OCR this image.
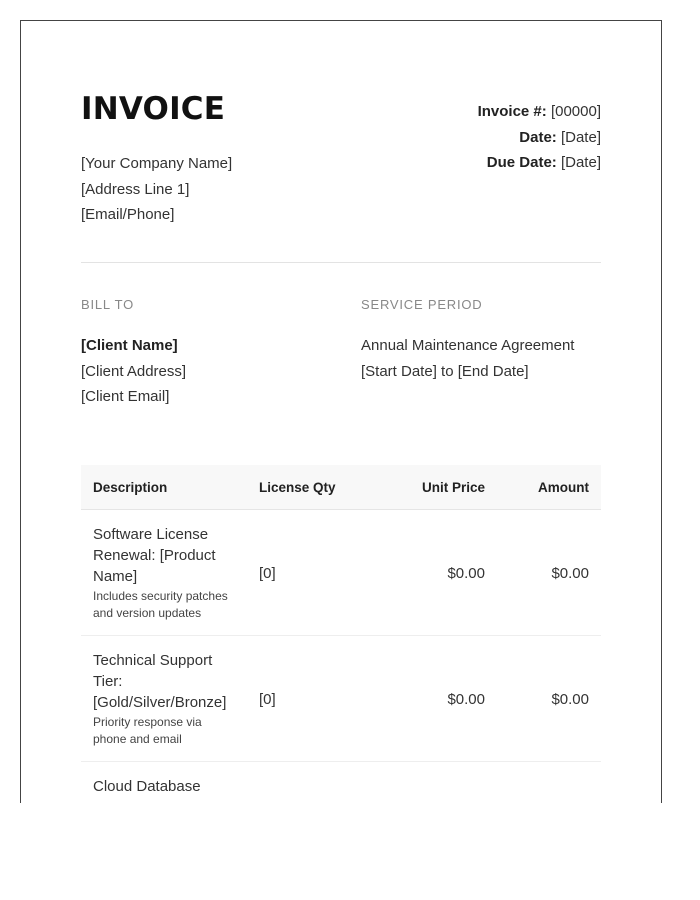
INVOICE
[Your Company Name]
[Address Line 1]
[Email/Phone]
Invoice #: [00000]
Date: [Date]
Due Date: [Date]
BILL TO	SERVICE PERIOD
[Client Name]
[Client Address]
[Client Email]
Annual Maintenance Agreement
[Start Date] to [End Date]
Description	License Qty	Unit Price	Amount

Software License Renewal: [Product Name]
Includes security patches and version updates	[0]	$0.00	$0.00

Technical Support Tier: [Gold/Silver/Bronze]
Priority response via phone and email	[0]	$0.00	$0.00

Cloud Database			
